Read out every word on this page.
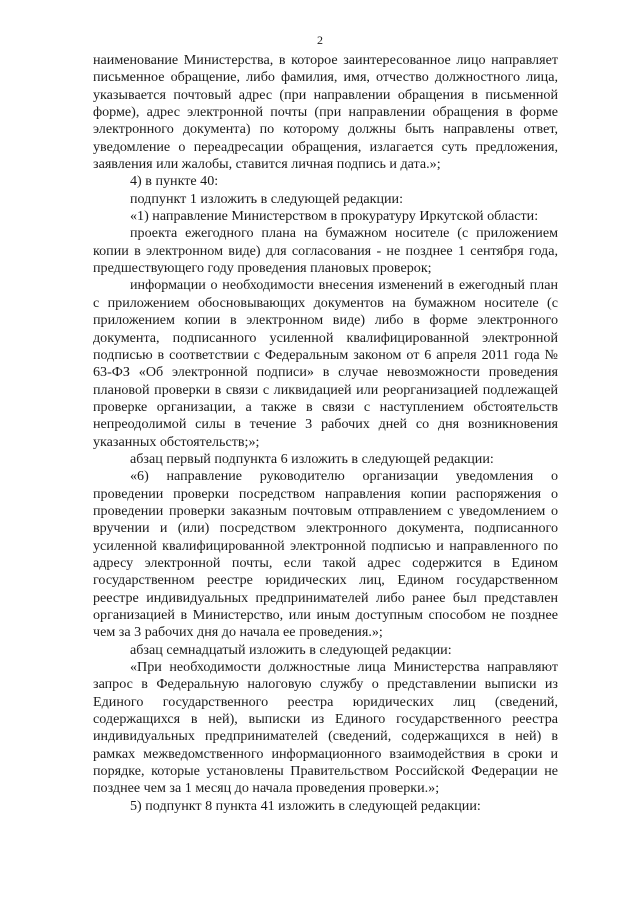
2

наименование Министерства, в которое заинтересованное лицо направляет письменное обращение, либо фамилия, имя, отчество должностного лица, указывается почтовый адрес (при направлении обращения в письменной форме), адрес электронной почты (при направлении обращения в форме электронного документа) по которому должны быть направлены ответ, уведомление о переадресации обращения, излагается суть предложения, заявления или жалобы, ставится личная подпись и дата.»;

4) в пункте 40:

подпункт 1 изложить в следующей редакции:

«1) направление Министерством в прокуратуру Иркутской области:

проекта ежегодного плана на бумажном носителе (с приложением копии в электронном виде) для согласования - не позднее 1 сентября года, предшествующего году проведения плановых проверок;

информации о необходимости внесения изменений в ежегодный план с приложением обосновывающих документов на бумажном носителе (с приложением копии в электронном виде) либо в форме электронного документа, подписанного усиленной квалифицированной электронной подписью в соответствии с Федеральным законом от 6 апреля 2011 года № 63-ФЗ «Об электронной подписи» в случае невозможности проведения плановой проверки в связи с ликвидацией или реорганизацией подлежащей проверке организации, а также в связи с наступлением обстоятельств непреодолимой силы в течение 3 рабочих дней со дня возникновения указанных обстоятельств;»;

абзац первый подпункта 6 изложить в следующей редакции:

«6) направление руководителю организации уведомления о проведении проверки посредством направления копии распоряжения о проведении проверки заказным почтовым отправлением с уведомлением о вручении и (или) посредством электронного документа, подписанного усиленной квалифицированной электронной подписью и направленного по адресу электронной почты, если такой адрес содержится в Едином государственном реестре юридических лиц, Едином государственном реестре индивидуальных предпринимателей либо ранее был представлен организацией в Министерство, или иным доступным способом не позднее чем за 3 рабочих дня до начала ее проведения.»;

абзац семнадцатый изложить в следующей редакции:

«При необходимости должностные лица Министерства направляют запрос в Федеральную налоговую службу о представлении выписки из Единого государственного реестра юридических лиц (сведений, содержащихся в ней), выписки из Единого государственного реестра индивидуальных предпринимателей (сведений, содержащихся в ней) в рамках межведомственного информационного взаимодействия в сроки и порядке, которые установлены Правительством Российской Федерации не позднее чем за 1 месяц до начала проведения проверки.»;

5) подпункт 8 пункта 41 изложить в следующей редакции:
